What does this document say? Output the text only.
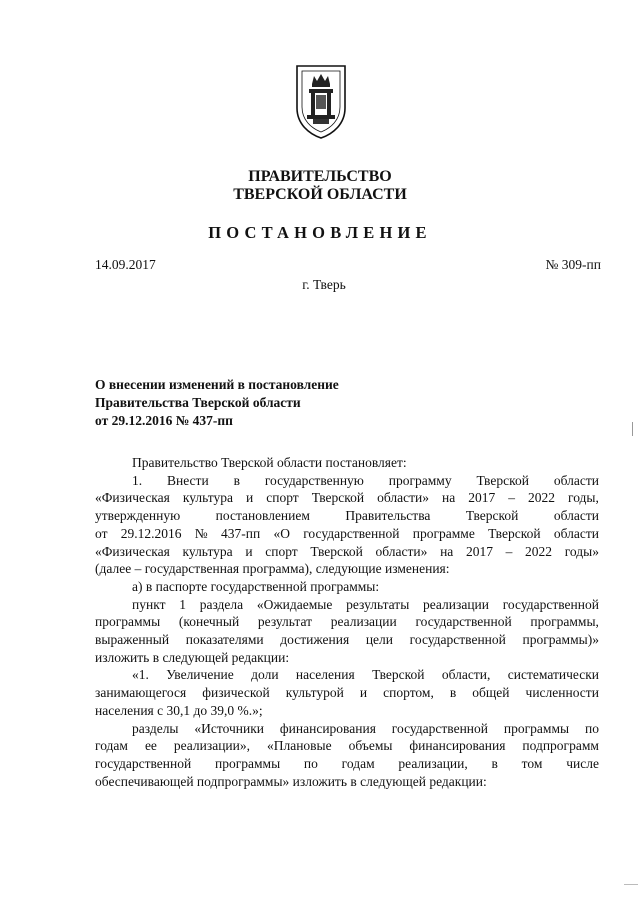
ПРАВИТЕЛЬСТВО
ТВЕРСКОЙ ОБЛАСТИ
ПОСТАНОВЛЕНИЕ
14.09.2017	№ 309-пп
г. Тверь
О внесении изменений в постановление
Правительства Тверской области
от 29.12.2016 № 437-пп
Правительство Тверской области постановляет:
1. Внести в государственную программу Тверской области
«Физическая культура и спорт Тверской области» на 2017 – 2022 годы,
утвержденную	постановлением	Правительства	Тверской	области
от 29.12.2016 № 437-пп «О государственной программе Тверской области
«Физическая культура и спорт Тверской области» на 2017 – 2022 годы»
(далее – государственная программа), следующие изменения:
а) в паспорте государственной программы:
пункт 1 раздела «Ожидаемые результаты реализации государственной
программы (конечный результат реализации государственной программы,
выраженный показателями достижения цели государственной программы)»
изложить в следующей редакции:
«1. Увеличение доли населения Тверской области, систематически
занимающегося физической культурой и спортом, в общей численности
населения с 30,1 до 39,0 %.»;
разделы «Источники финансирования государственной программы по
годам ее реализации», «Плановые объемы финансирования подпрограмм
государственной программы по годам реализации, в том числе
обеспечивающей подпрограммы» изложить в следующей редакции:
